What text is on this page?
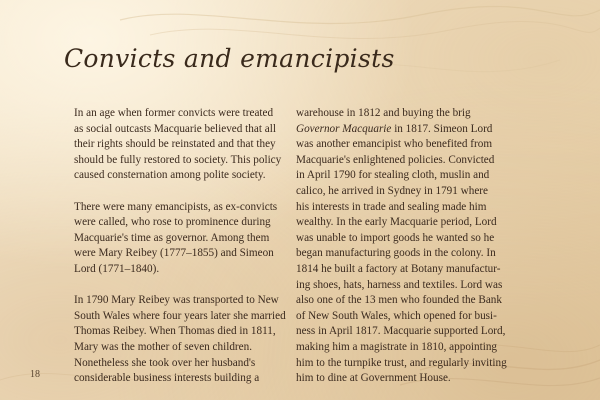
Convicts and emancipists

In an age when former convicts were treated
as social outcasts Macquarie believed that all
their rights should be reinstated and that they
should be fully restored to society. This policy
caused consternation among polite society.

There were many emancipists, as ex-convicts
were called, who rose to prominence during
Macquarie's time as governor. Among them
were Mary Reibey (1777–1855) and Simeon
Lord (1771–1840).

In 1790 Mary Reibey was transported to New
South Wales where four years later she married
Thomas Reibey. When Thomas died in 1811,
Mary was the mother of seven children.
Nonetheless she took over her husband's
considerable business interests building a

warehouse in 1812 and buying the brig
Governor Macquarie in 1817. Simeon Lord
was another emancipist who benefited from
Macquarie's enlightened policies. Convicted
in April 1790 for stealing cloth, muslin and
calico, he arrived in Sydney in 1791 where
his interests in trade and sealing made him
wealthy. In the early Macquarie period, Lord
was unable to import goods he wanted so he
began manufacturing goods in the colony. In
1814 he built a factory at Botany manufactur-
ing shoes, hats, harness and textiles. Lord was
also one of the 13 men who founded the Bank
of New South Wales, which opened for busi-
ness in April 1817. Macquarie supported Lord,
making him a magistrate in 1810, appointing
him to the turnpike trust, and regularly inviting
him to dine at Government House.

18
